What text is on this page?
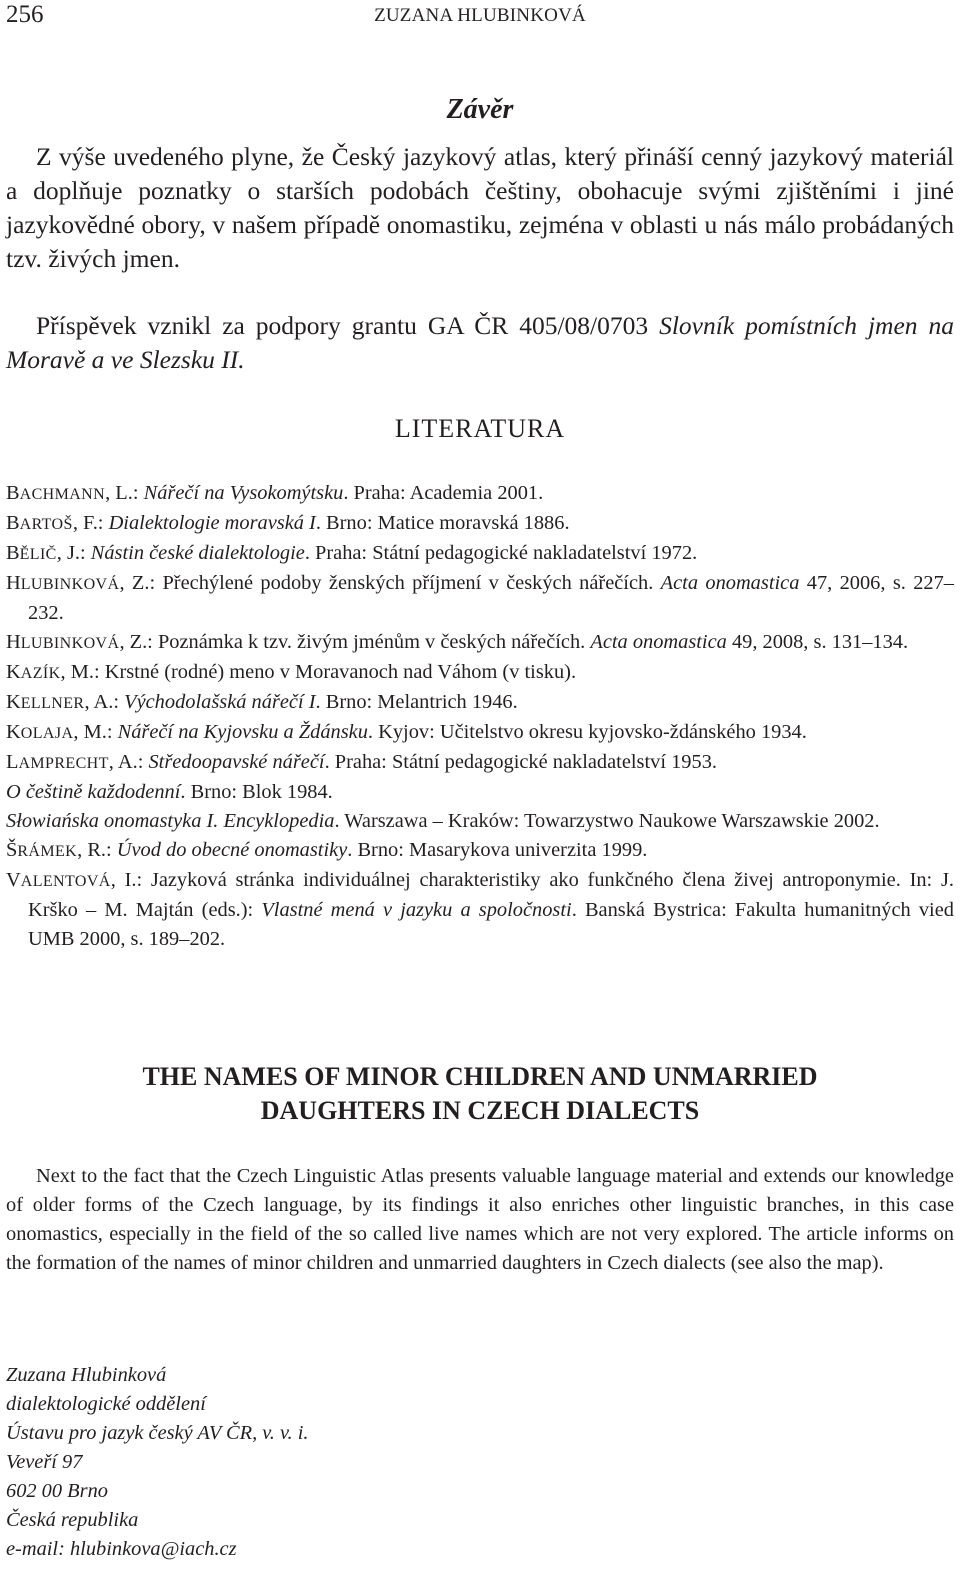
256	ZUZANA HLUBINKOVÁ
Závěr

Z výše uvedeného plyne, že Český jazykový atlas, který přináší cenný jazykový materiál a doplňuje poznatky o starších podobách češtiny, obohacuje svými zjištěními i jiné jazykovědné obory, v našem případě onomastiku, zejména v oblasti u nás málo probádaných tzv. živých jmen.

Příspěvek vznikl za podpory grantu GA ČR 405/08/0703 Slovník pomístních jmen na Moravě a ve Slezsku II.

LITERATURA
BACHMANN, L.: Nářečí na Vysokomýtsku. Praha: Academia 2001.
BARTOŠ, F.: Dialektologie moravská I. Brno: Matice moravská 1886.
BĚLIČ, J.: Nástin české dialektologie. Praha: Státní pedagogické nakladatelství 1972.
HLUBINKOVÁ, Z.: Přechýlené podoby ženských příjmení v českých nářečích. Acta onomastica 47, 2006, s. 227–232.
HLUBINKOVÁ, Z.: Poznámka k tzv. živým jménům v českých nářečích. Acta onomastica 49, 2008, s. 131–134.
KAZÍK, M.: Krstné (rodné) meno v Moravanoch nad Váhom (v tisku).
KELLNER, A.: Východolašská nářečí I. Brno: Melantrich 1946.
KOLAJA, M.: Nářečí na Kyjovsku a Ždánsku. Kyjov: Učitelstvo okresu kyjovsko-ždánského 1934.
LAMPRECHT, A.: Středoopavské nářečí. Praha: Státní pedagogické nakladatelství 1953.
O češtině každodenní. Brno: Blok 1984.
Słowiańska onomastyka I. Encyklopedia. Warszawa – Kraków: Towarzystwo Naukowe Warszawskie 2002.
ŠRÁMEK, R.: Úvod do obecné onomastiky. Brno: Masarykova univerzita 1999.
VALENTOVÁ, I.: Jazyková stránka individuálnej charakteristiky ako funkčného člena živej antroponymie. In: J. Krško – M. Majtán (eds.): Vlastné mená v jazyku a spoločnosti. Banská Bystrica: Fakulta humanitných vied UMB 2000, s. 189–202.
THE NAMES OF MINOR CHILDREN AND UNMARRIED
DAUGHTERS IN CZECH DIALECTS

Next to the fact that the Czech Linguistic Atlas presents valuable language material and extends our knowledge of older forms of the Czech language, by its findings it also enriches other linguistic branches, in this case onomastics, especially in the field of the so called live names which are not very explored. The article informs on the formation of the names of minor children and unmarried daughters in Czech dialects (see also the map).

Zuzana Hlubinková
dialektologické oddělení
Ústavu pro jazyk český AV ČR, v. v. i.
Veveří 97
602 00 Brno
Česká republika
e-mail: hlubinkova@iach.cz
